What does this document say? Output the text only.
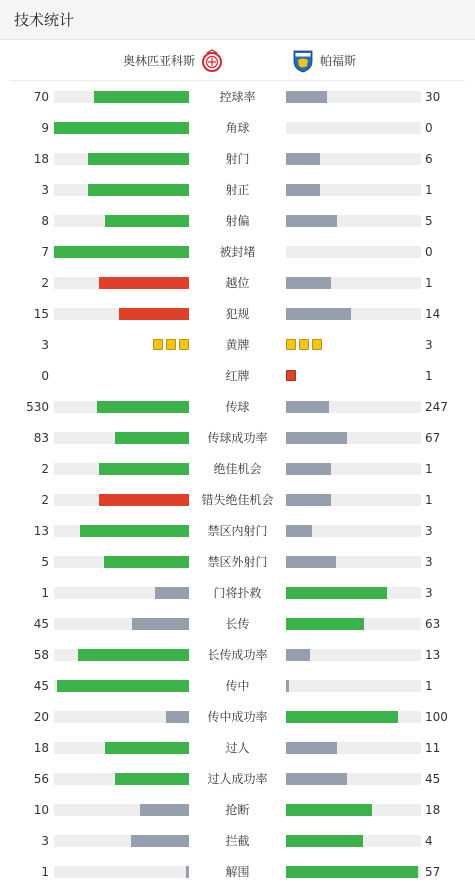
技术统计
奥林匹亚科斯	帕福斯
70	控球率	30
9	角球	0
18	射门	6
3	射正	1
8	射偏	5
7	被封堵	0
2	越位	1
15	犯规	14
3	黄牌	3
0	红牌	1
530	传球	247
83	传球成功率	67
2	绝佳机会	1
2	错失绝佳机会	1
13	禁区内射门	3
5	禁区外射门	3
1	门将扑救	3
45	长传	63
58	长传成功率	13
45	传中	1
20	传中成功率	100
18	过人	11
56	过人成功率	45
10	抢断	18
3	拦截	4
1	解围	57
